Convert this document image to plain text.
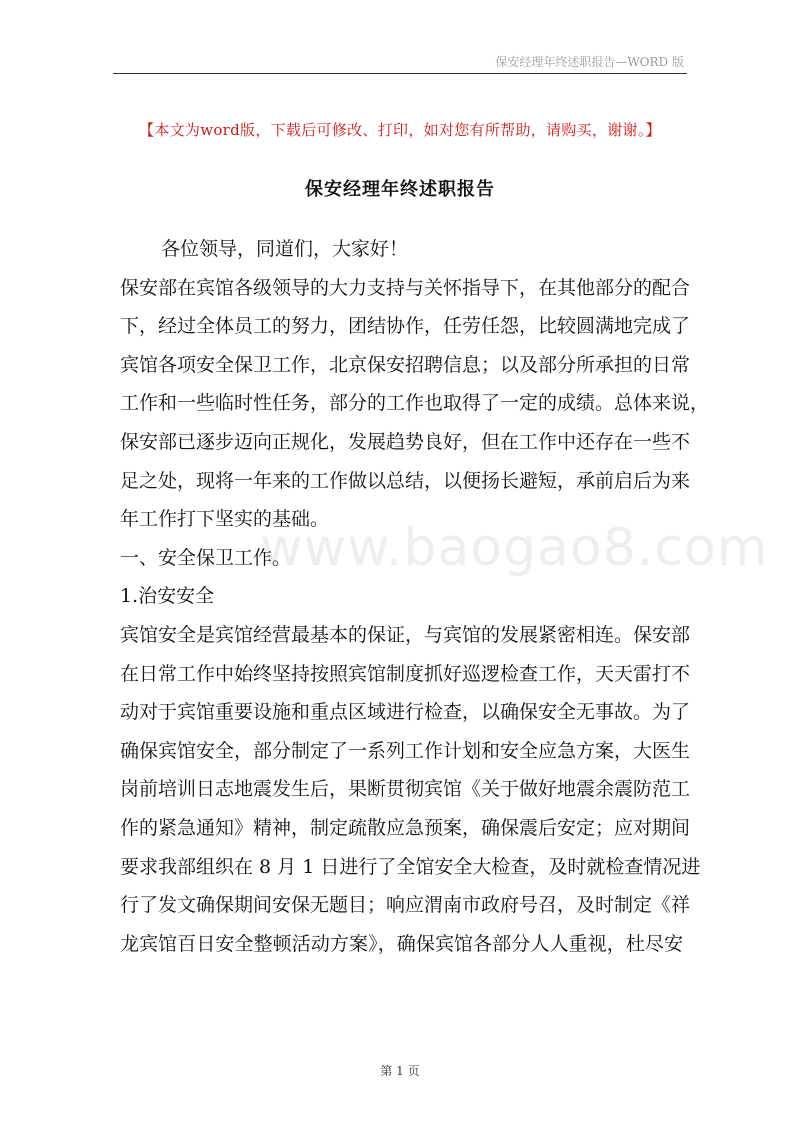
保安经理年终述职报告—WORD 版
【本文为word版，下载后可修改、打印，如对您有所帮助，请购买，谢谢。】
保安经理年终述职报告
各位领导，同道们，大家好！
保安部在宾馆各级领导的大力支持与关怀指导下，在其他部分的配合
下，经过全体员工的努力，团结协作，任劳任怨，比较圆满地完成了
宾馆各项安全保卫工作，北京保安招聘信息；以及部分所承担的日常
工作和一些临时性任务，部分的工作也取得了一定的成绩。总体来说，
保安部已逐步迈向正规化，发展趋势良好，但在工作中还存在一些不
足之处，现将一年来的工作做以总结，以便扬长避短，承前启后为来
年工作打下坚实的基础。
一、安全保卫工作。
1.治安安全
宾馆安全是宾馆经营最基本的保证，与宾馆的发展紧密相连。保安部
在日常工作中始终坚持按照宾馆制度抓好巡逻检查工作，天天雷打不
动对于宾馆重要设施和重点区域进行检查，以确保安全无事故。为了
确保宾馆安全，部分制定了一系列工作计划和安全应急方案，大医生
岗前培训日志地震发生后，果断贯彻宾馆《关于做好地震余震防范工
作的紧急通知》精神，制定疏散应急预案，确保震后安定；应对期间
要求我部组织在 8 月 1 日进行了全馆安全大检查，及时就检查情况进
行了发文确保期间安保无题目；响应渭南市政府号召，及时制定《祥
龙宾馆百日安全整顿活动方案》，确保宾馆各部分人人重视，杜尽安
www.baogao8.com
第 1 页
